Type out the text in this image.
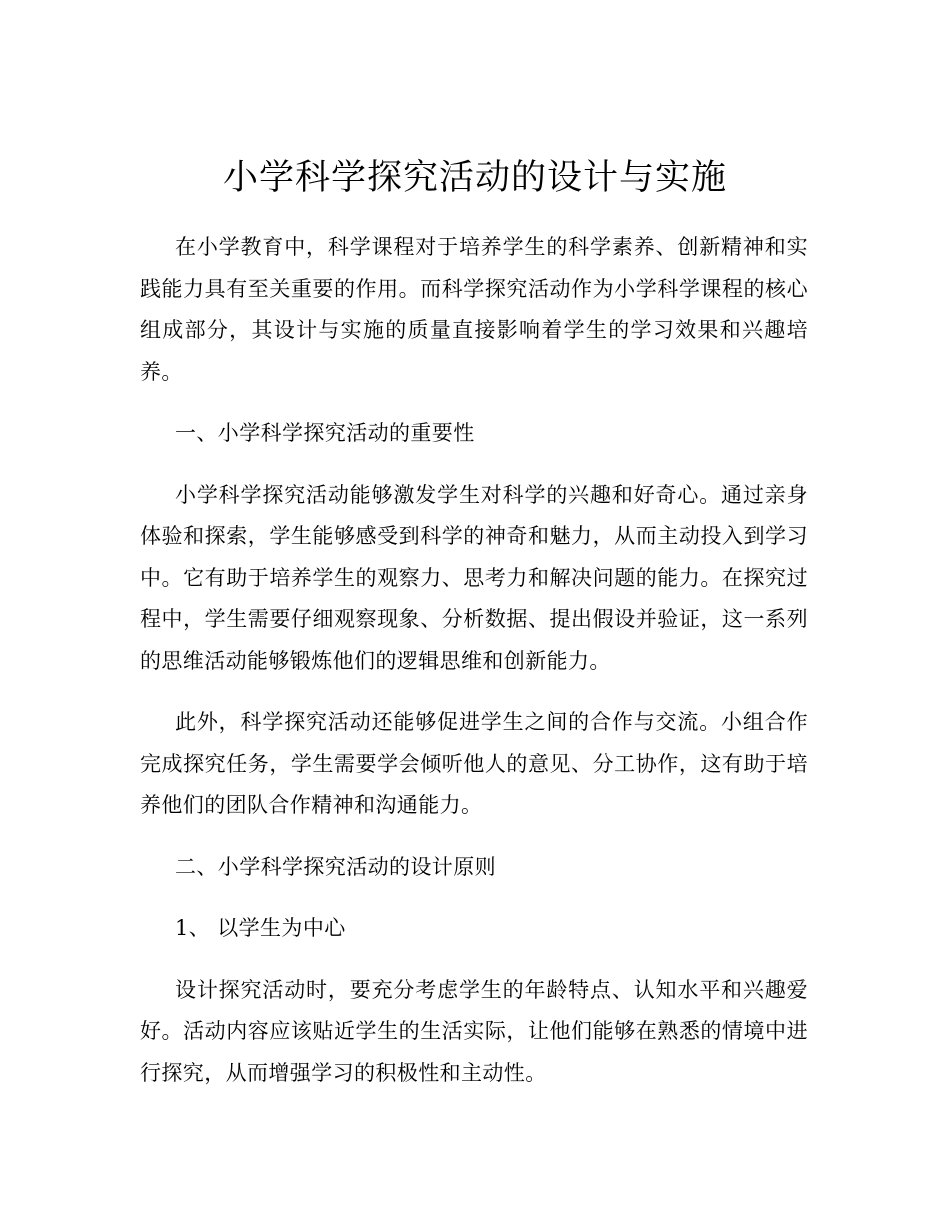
小学科学探究活动的设计与实施

在小学教育中，科学课程对于培养学生的科学素养、创新精神和实践能力具有至关重要的作用。而科学探究活动作为小学科学课程的核心组成部分，其设计与实施的质量直接影响着学生的学习效果和兴趣培养。

一、小学科学探究活动的重要性

小学科学探究活动能够激发学生对科学的兴趣和好奇心。通过亲身体验和探索，学生能够感受到科学的神奇和魅力，从而主动投入到学习中。它有助于培养学生的观察力、思考力和解决问题的能力。在探究过程中，学生需要仔细观察现象、分析数据、提出假设并验证，这一系列的思维活动能够锻炼他们的逻辑思维和创新能力。

此外，科学探究活动还能够促进学生之间的合作与交流。小组合作完成探究任务，学生需要学会倾听他人的意见、分工协作，这有助于培养他们的团队合作精神和沟通能力。

二、小学科学探究活动的设计原则

1、 以学生为中心

设计探究活动时，要充分考虑学生的年龄特点、认知水平和兴趣爱好。活动内容应该贴近学生的生活实际，让他们能够在熟悉的情境中进行探究，从而增强学习的积极性和主动性。
